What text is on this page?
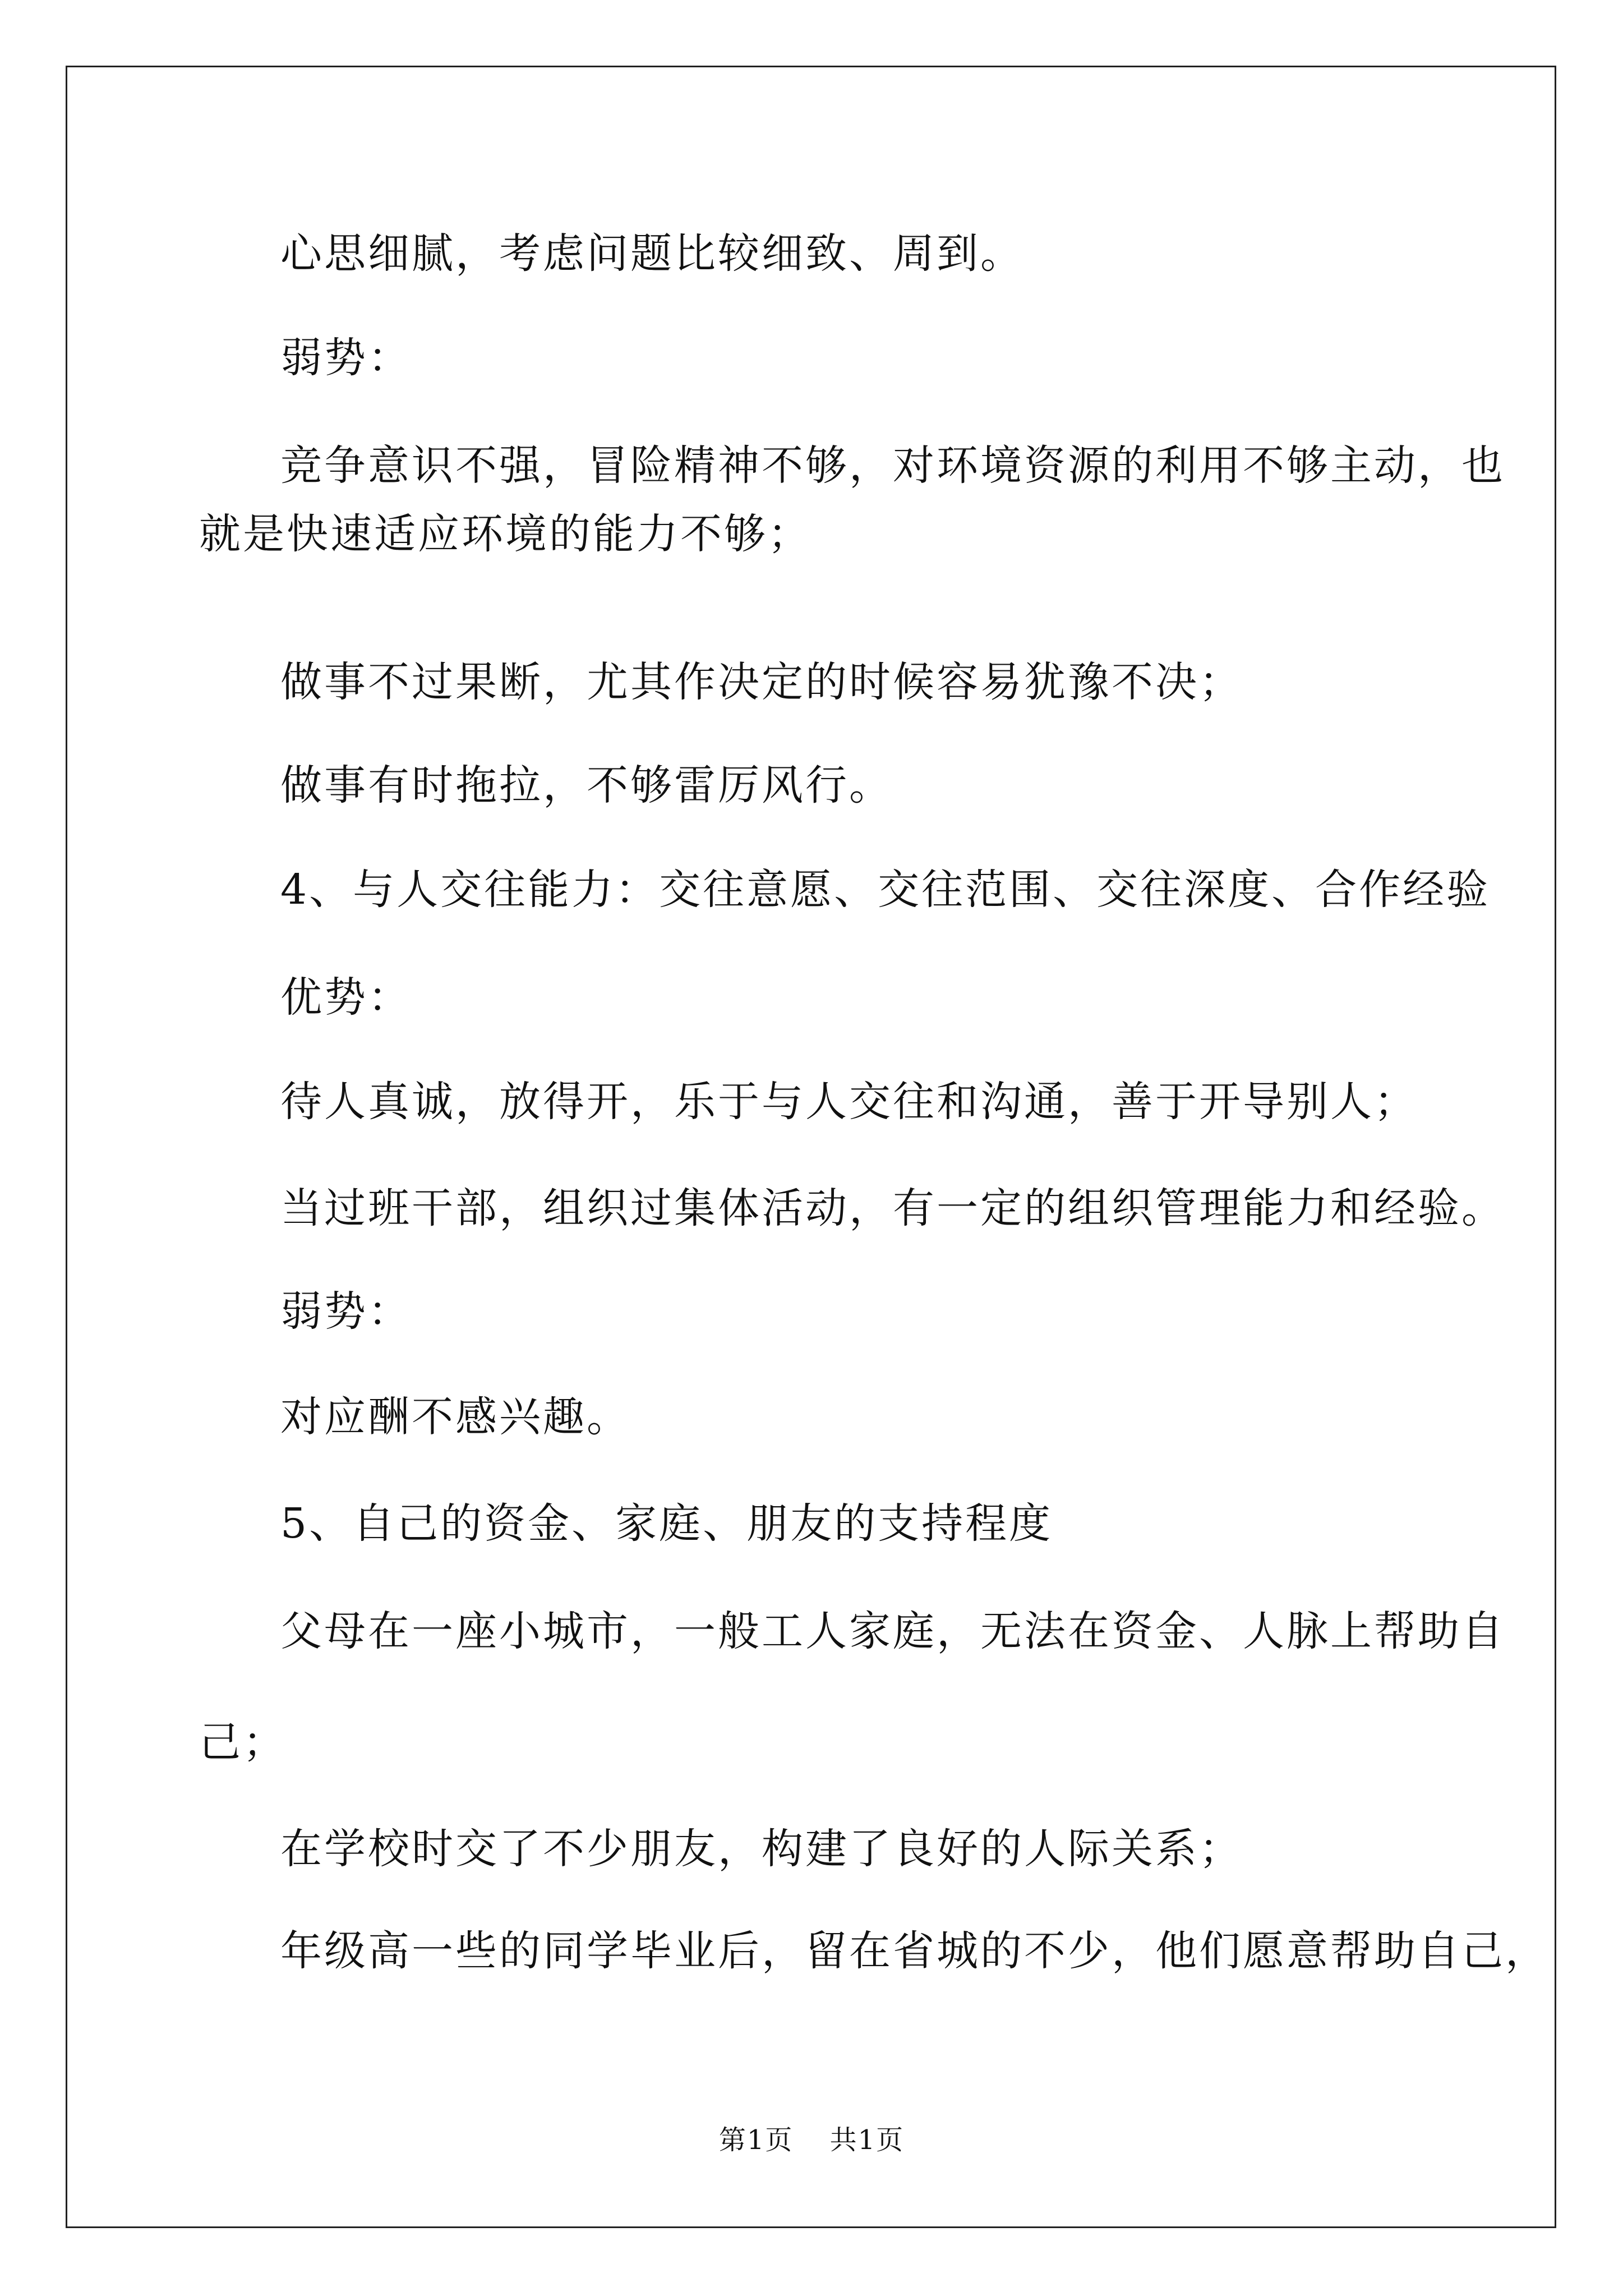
心思细腻，考虑问题比较细致、周到。
弱势：
竞争意识不强，冒险精神不够，对环境资源的利用不够主动，也
就是快速适应环境的能力不够；
做事不过果断，尤其作决定的时候容易犹豫不决；
做事有时拖拉，不够雷厉风行。
4、与人交往能力：交往意愿、交往范围、交往深度、合作经验
优势：
待人真诚，放得开，乐于与人交往和沟通，善于开导别人；
当过班干部，组织过集体活动，有一定的组织管理能力和经验。
弱势：
对应酬不感兴趣。
5、自己的资金、家庭、朋友的支持程度
父母在一座小城市，一般工人家庭，无法在资金、人脉上帮助自
己；
在学校时交了不少朋友，构建了良好的人际关系；
年级高一些的同学毕业后，留在省城的不少，他们愿意帮助自己，
第1页 共1页
